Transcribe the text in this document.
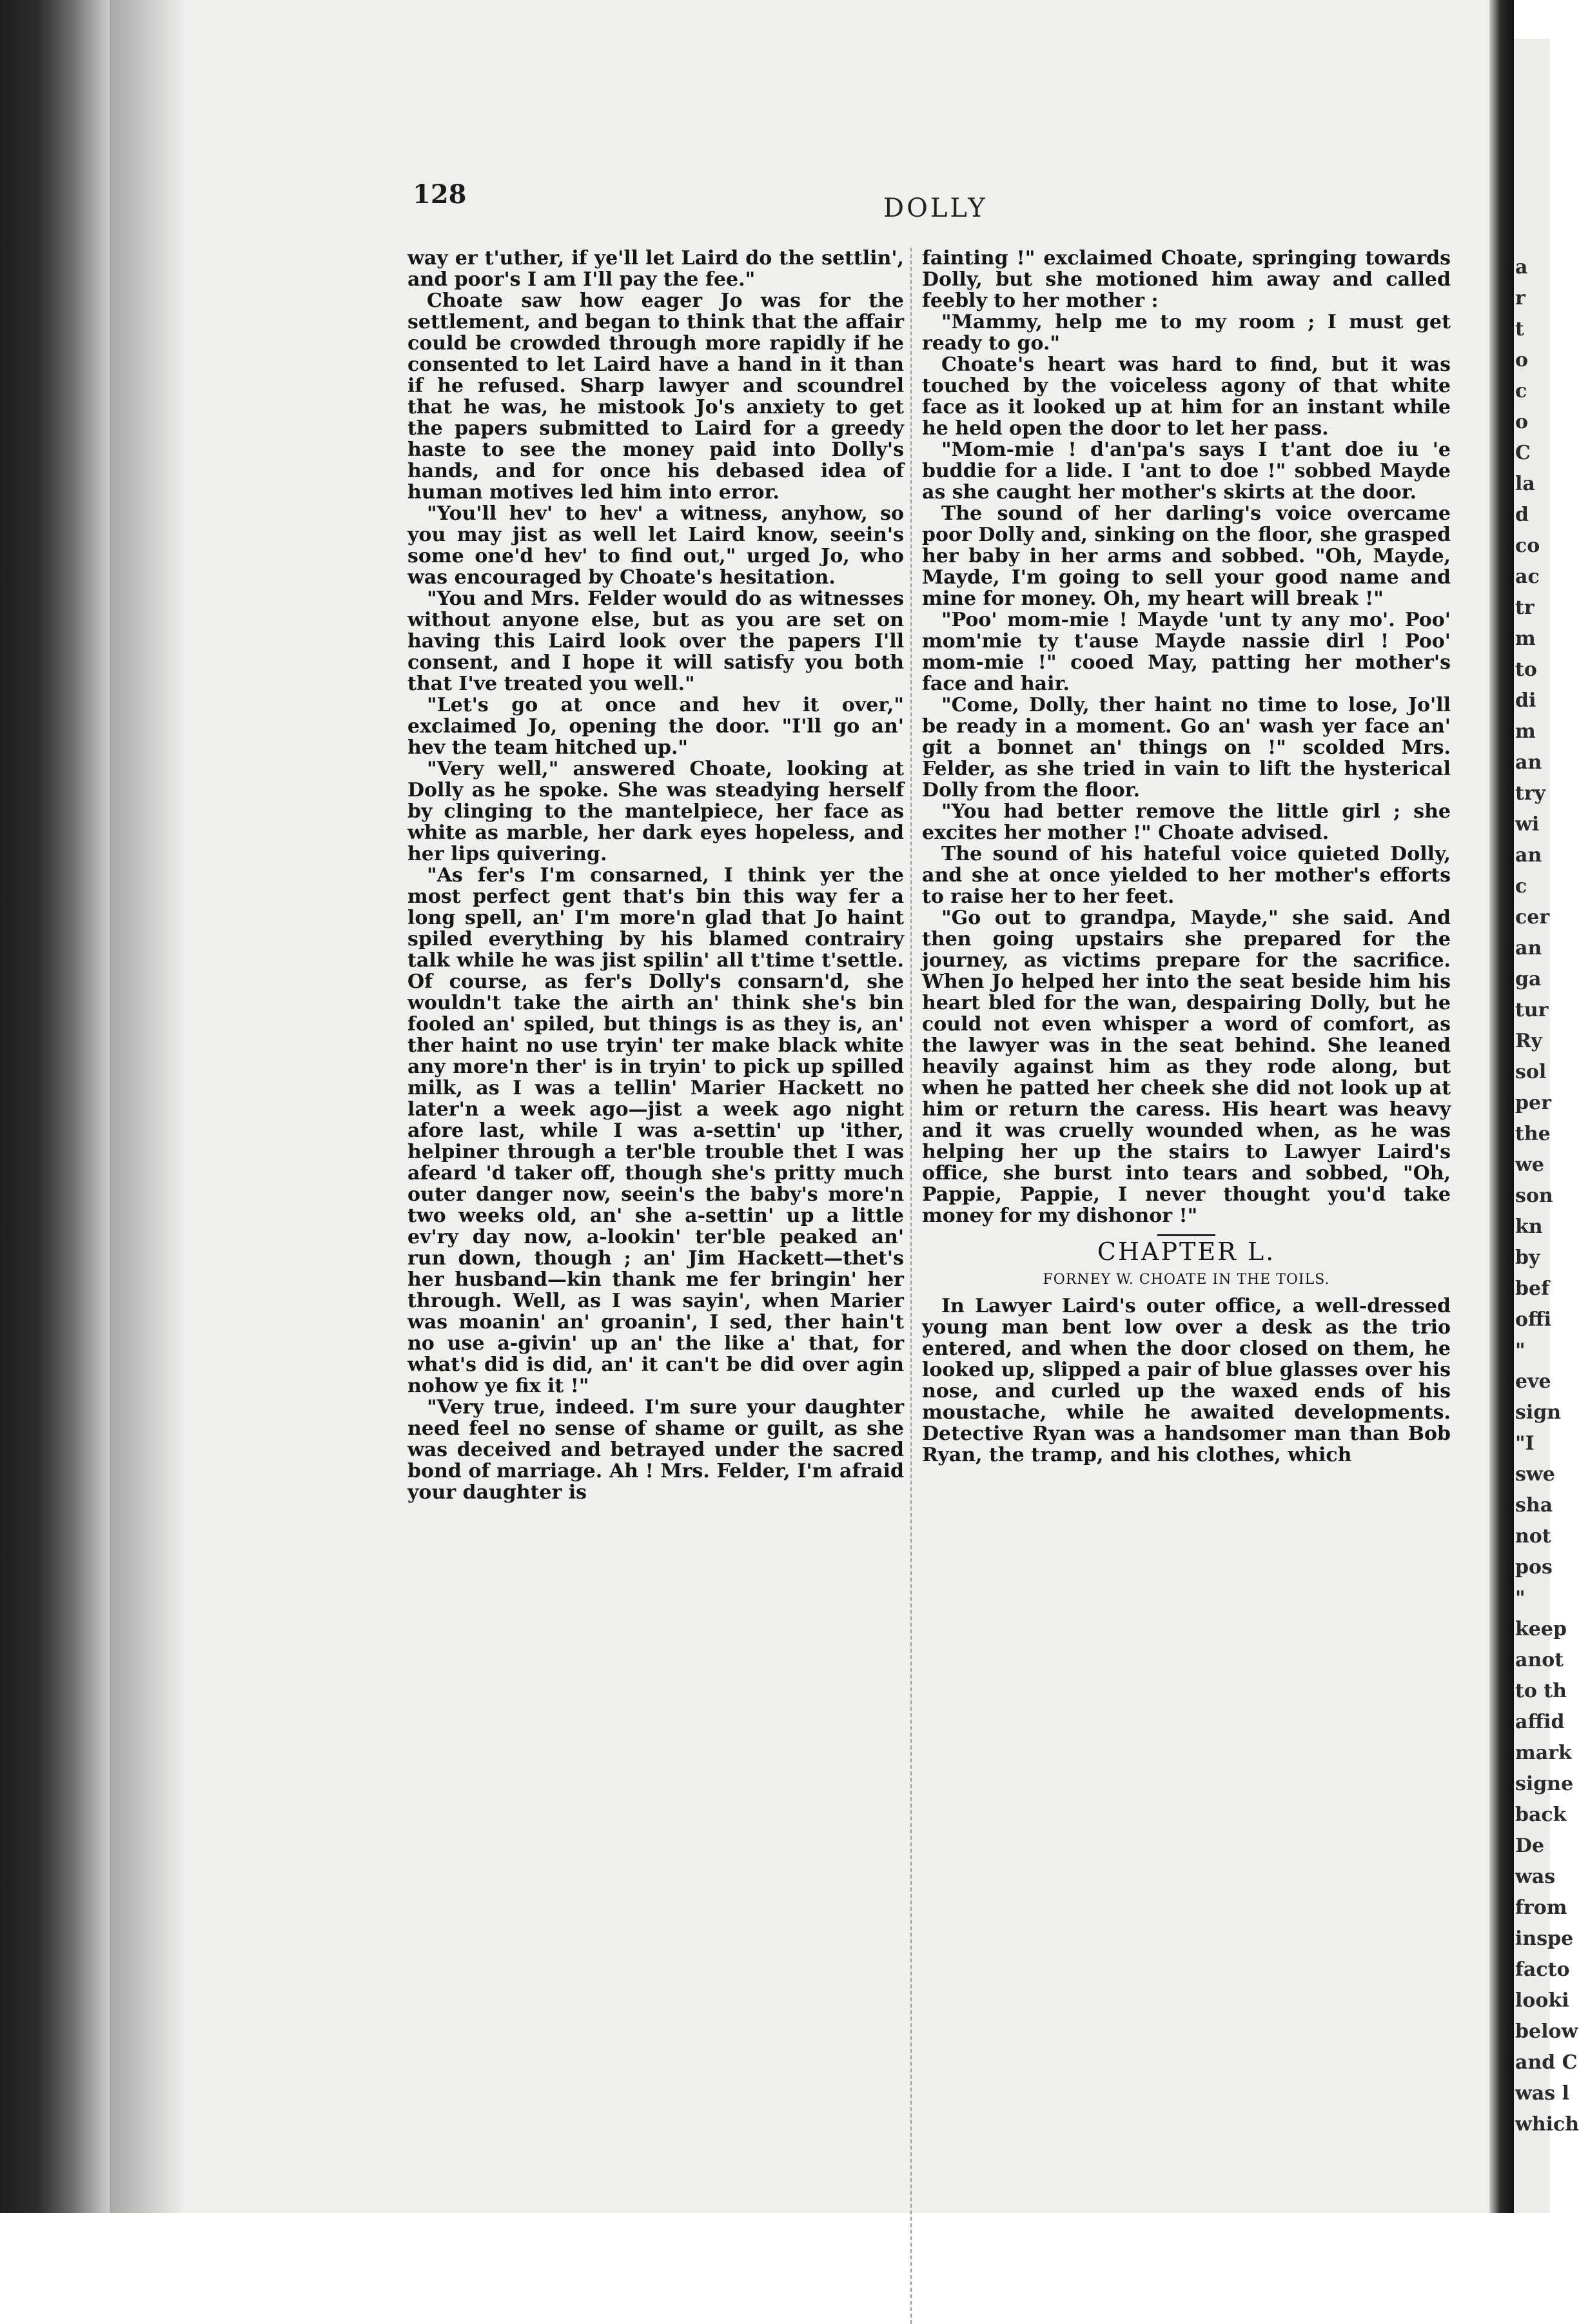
a
r
t
o
c
o
C
la
d
co
ac
tr
m
to
di
m
an
try
wi
an
c
cer
an
ga
tur
Ry
sol
per
the
we
son
kn
by
bef
offi
"
eve
sign
"I
swe
sha
not
pos
"
keep
anot
to th
affid
mark
signe
back
De
was
from
inspe
facto
looki
below
and C
was l
which
128	DOLLY

way er t'uther, if ye'll let Laird do the settlin', and poor's I am I'll pay the fee."

Choate saw how eager Jo was for the settlement, and began to think that the affair could be crowded through more rapidly if he consented to let Laird have a hand in it than if he refused. Sharp lawyer and scoundrel that he was, he mistook Jo's anxiety to get the papers submitted to Laird for a greedy haste to see the money paid into Dolly's hands, and for once his debased idea of human motives led him into error.

"You'll hev' to hev' a witness, anyhow, so you may jist as well let Laird know, seein's some one'd hev' to find out," urged Jo, who was encouraged by Choate's hesitation.

"You and Mrs. Felder would do as witnesses without anyone else, but as you are set on having this Laird look over the papers I'll consent, and I hope it will satisfy you both that I've treated you well."

"Let's go at once and hev it over," exclaimed Jo, opening the door. "I'll go an' hev the team hitched up."

"Very well," answered Choate, looking at Dolly as he spoke. She was steadying herself by clinging to the mantelpiece, her face as white as marble, her dark eyes hopeless, and her lips quivering.

"As fer's I'm consarned, I think yer the most perfect gent that's bin this way fer a long spell, an' I'm more'n glad that Jo haint spiled everything by his blamed contrairy talk while he was jist spilin' all t'time t'settle. Of course, as fer's Dolly's consarn'd, she wouldn't take the airth an' think she's bin fooled an' spiled, but things is as they is, an' ther haint no use tryin' ter make black white any more'n ther' is in tryin' to pick up spilled milk, as I was a tellin' Marier Hackett no later'n a week ago—jist a week ago night afore last, while I was a-settin' up 'ither, helpiner through a ter'ble trouble thet I was afeard 'd taker off, though she's pritty much outer danger now, seein's the baby's more'n two weeks old, an' she a-settin' up a little ev'ry day now, a-lookin' ter'ble peaked an' run down, though ; an' Jim Hackett—thet's her husband—kin thank me fer bringin' her through. Well, as I was sayin', when Marier was moanin' an' groanin', I sed, ther hain't no use a-givin' up an' the like a' that, for what's did is did, an' it can't be did over agin nohow ye fix it !"

"Very true, indeed. I'm sure your daughter need feel no sense of shame or guilt, as she was deceived and betrayed under the sacred bond of marriage. Ah ! Mrs. Felder, I'm afraid your daughter is

fainting !" exclaimed Choate, springing towards Dolly, but she motioned him away and called feebly to her mother :

"Mammy, help me to my room ; I must get ready to go."

Choate's heart was hard to find, but it was touched by the voiceless agony of that white face as it looked up at him for an instant while he held open the door to let her pass.

"Mom-mie ! d'an'pa's says I t'ant doe iu 'e buddie for a lide. I 'ant to doe !" sobbed Mayde as she caught her mother's skirts at the door.

The sound of her darling's voice overcame poor Dolly and, sinking on the floor, she grasped her baby in her arms and sobbed. "Oh, Mayde, Mayde, I'm going to sell your good name and mine for money. Oh, my heart will break !"

"Poo' mom-mie ! Mayde 'unt ty any mo'. Poo' mom'mie ty t'ause Mayde nassie dirl ! Poo' mom-mie !" cooed May, patting her mother's face and hair.

"Come, Dolly, ther haint no time to lose, Jo'll be ready in a moment. Go an' wash yer face an' git a bonnet an' things on !" scolded Mrs. Felder, as she tried in vain to lift the hysterical Dolly from the floor.

"You had better remove the little girl ; she excites her mother !" Choate advised.

The sound of his hateful voice quieted Dolly, and she at once yielded to her mother's efforts to raise her to her feet.

"Go out to grandpa, Mayde," she said. And then going upstairs she prepared for the journey, as victims prepare for the sacrifice. When Jo helped her into the seat beside him his heart bled for the wan, despairing Dolly, but he could not even whisper a word of comfort, as the lawyer was in the seat behind. She leaned heavily against him as they rode along, but when he patted her cheek she did not look up at him or return the caress. His heart was heavy and it was cruelly wounded when, as he was helping her up the stairs to Lawyer Laird's office, she burst into tears and sobbed, "Oh, Pappie, Pappie, I never thought you'd take money for my dishonor !"

CHAPTER L.
FORNEY W. CHOATE IN THE TOILS.

In Lawyer Laird's outer office, a well-dressed young man bent low over a desk as the trio entered, and when the door closed on them, he looked up, slipped a pair of blue glasses over his nose, and curled up the waxed ends of his moustache, while he awaited developments. Detective Ryan was a handsomer man than Bob Ryan, the tramp, and his clothes, which
